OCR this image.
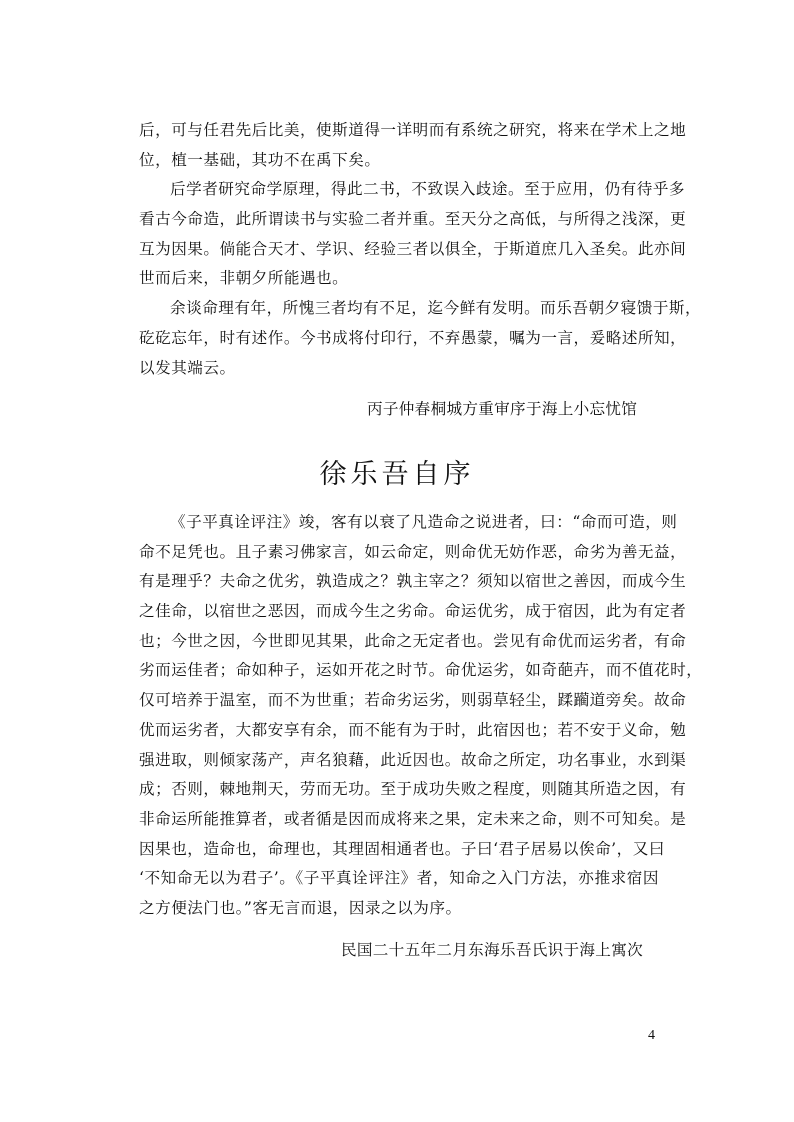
后，可与任君先后比美，使斯道得一详明而有系统之研究，将来在学术上之地
位，植一基础，其功不在禹下矣。
后学者研究命学原理，得此二书，不致误入歧途。至于应用，仍有待乎多
看古今命造，此所谓读书与实验二者并重。至天分之高低，与所得之浅深，更
互为因果。倘能合天才、学识、经验三者以俱全，于斯道庶几入圣矣。此亦间
世而后来，非朝夕所能遇也。
余谈命理有年，所愧三者均有不足，迄今鲜有发明。而乐吾朝夕寝馈于斯，
矻矻忘年，时有述作。今书成将付印行，不弃愚蒙，嘱为一言，爰略述所知，
以发其端云。
丙子仲春桐城方重审序于海上小忘忧馆
徐乐吾自序
《子平真诠评注》竣，客有以衰了凡造命之说进者，曰：“命而可造，则
命不足凭也。且子素习佛家言，如云命定，则命优无妨作恶，命劣为善无益，
有是理乎？夫命之优劣，孰造成之？孰主宰之？须知以宿世之善因，而成今生
之佳命，以宿世之恶因，而成今生之劣命。命运优劣，成于宿因，此为有定者
也；今世之因，今世即见其果，此命之无定者也。尝见有命优而运劣者，有命
劣而运佳者；命如种子，运如开花之时节。命优运劣，如奇葩卉，而不值花时，
仅可培养于温室，而不为世重；若命劣运劣，则弱草轻尘，蹂躏道旁矣。故命
优而运劣者，大都安享有余，而不能有为于时，此宿因也；若不安于义命，勉
强进取，则倾家荡产，声名狼藉，此近因也。故命之所定，功名事业，水到渠
成；否则，棘地荆天，劳而无功。至于成功失败之程度，则随其所造之因，有
非命运所能推算者，或者循是因而成将来之果，定未来之命，则不可知矣。是
因果也，造命也，命理也，其理固相通者也。子曰‘君子居易以俟命’，又曰
‘不知命无以为君子’。《子平真诠评注》者，知命之入门方法，亦推求宿因
之方便法门也。”客无言而退，因录之以为序。
民国二十五年二月东海乐吾氏识于海上寓次
4
